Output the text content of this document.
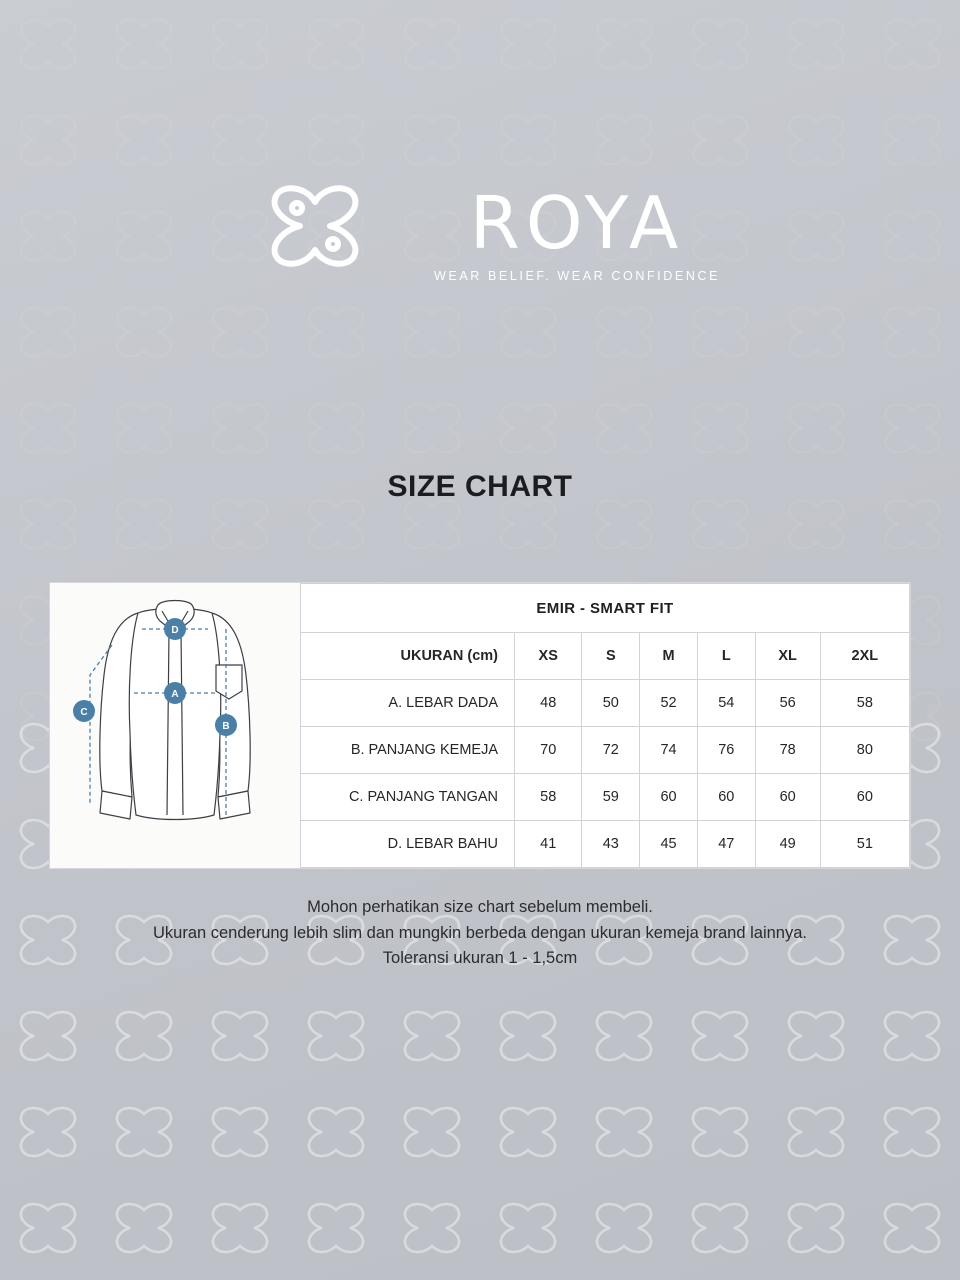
ROYA
WEAR BELIEF. WEAR CONFIDENCE
SIZE CHART
A
B
C
D
EMIR - SMART FIT						
UKURAN (cm)	XS	S	M	L	XL	2XL
A. LEBAR DADA	48	50	52	54	56	58
B. PANJANG KEMEJA	70	72	74	76	78	80
C. PANJANG TANGAN	58	59	60	60	60	60
D. LEBAR BAHU	41	43	45	47	49	51
Mohon perhatikan size chart sebelum membeli.
Ukuran cenderung lebih slim dan mungkin berbeda dengan ukuran kemeja brand lainnya.
Toleransi ukuran 1 - 1,5cm
